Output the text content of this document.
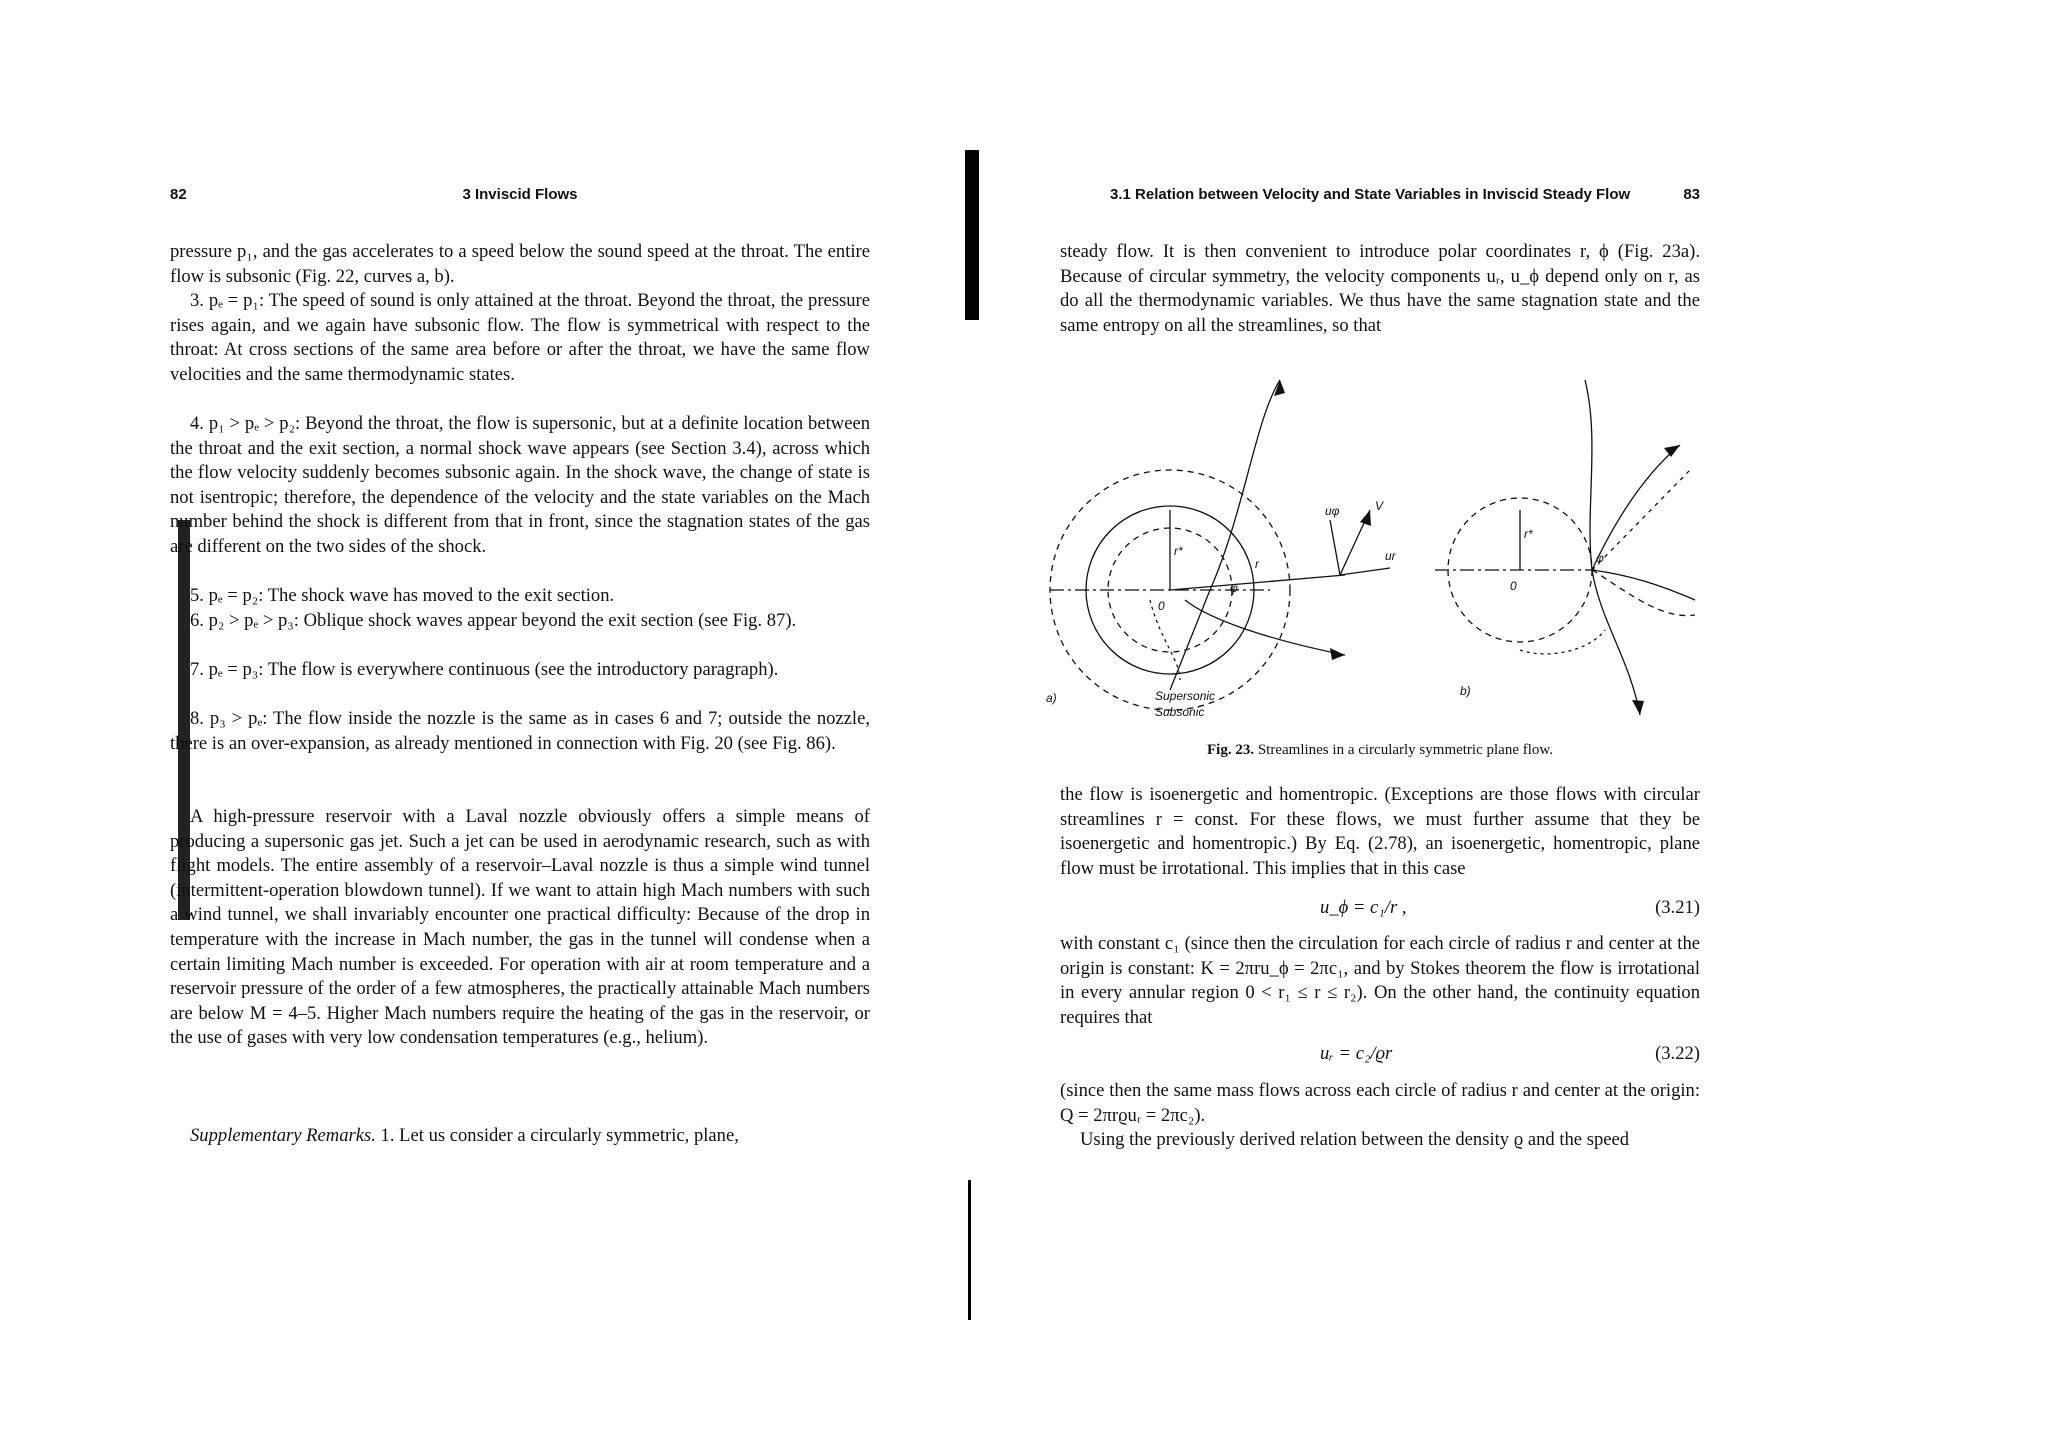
82	3 Inviscid Flows

pressure p₁, and the gas accelerates to a speed below the sound speed at the throat. The entire flow is subsonic (Fig. 22, curves a, b).

3. pₑ = p₁: The speed of sound is only attained at the throat. Beyond the throat, the pressure rises again, and we again have subsonic flow. The flow is symmetrical with respect to the throat: At cross sections of the same area before or after the throat, we have the same flow velocities and the same thermodynamic states.

4. p₁ > pₑ > p₂: Beyond the throat, the flow is supersonic, but at a definite location between the throat and the exit section, a normal shock wave appears (see Section 3.4), across which the flow velocity suddenly becomes subsonic again. In the shock wave, the change of state is not isentropic; therefore, the dependence of the velocity and the state variables on the Mach number behind the shock is different from that in front, since the stagnation states of the gas are different on the two sides of the shock.

5. pₑ = p₂: The shock wave has moved to the exit section.

6. p₂ > pₑ > p₃: Oblique shock waves appear beyond the exit section (see Fig. 87).

7. pₑ = p₃: The flow is everywhere continuous (see the introductory paragraph).

8. p₃ > pₑ: The flow inside the nozzle is the same as in cases 6 and 7; outside the nozzle, there is an over-expansion, as already mentioned in connection with Fig. 20 (see Fig. 86).

A high-pressure reservoir with a Laval nozzle obviously offers a simple means of producing a supersonic gas jet. Such a jet can be used in aerodynamic research, such as with flight models. The entire assembly of a reservoir–Laval nozzle is thus a simple wind tunnel (intermittent-operation blowdown tunnel). If we want to attain high Mach numbers with such a wind tunnel, we shall invariably encounter one practical difficulty: Because of the drop in temperature with the increase in Mach number, the gas in the tunnel will condense when a certain limiting Mach number is exceeded. For operation with air at room temperature and a reservoir pressure of the order of a few atmospheres, the practically attainable Mach numbers are below M = 4–5. Higher Mach numbers require the heating of the gas in the reservoir, or the use of gases with very low condensation temperatures (e.g., helium).

Supplementary Remarks. 1. Let us consider a circularly symmetric, plane,

3.1 Relation between Velocity and State Variables in Inviscid Steady Flow	83

steady flow. It is then convenient to introduce polar coordinates r, ϕ (Fig. 23a). Because of circular symmetry, the velocity components uᵣ, u_ϕ depend only on r, as do all the thermodynamic variables. We thus have the same stagnation state and the same entropy on all the streamlines, so that

the flow is isoenergetic and homentropic. (Exceptions are those flows with circular streamlines r = const. For these flows, we must further assume that they be isoenergetic and homentropic.) By Eq. (2.78), an isoenergetic, homentropic, plane flow must be irrotational. This implies that in this case

u_ϕ = c₁/r ,	(3.21)

with constant c₁ (since then the circulation for each circle of radius r and center at the origin is constant: K = 2πru_ϕ = 2πc₁, and by Stokes theorem the flow is irrotational in every annular region 0 < r₁ ≤ r ≤ r₂). On the other hand, the continuity equation requires that

uᵣ = c₂/ϱr	(3.22)

(since then the same mass flows across each circle of radius r and center at the origin: Q = 2πrϱuᵣ = 2πc₂).

Using the previously derived relation between the density ϱ and the speed

a)	b)
Supersonic
Subsonic
0
0
r
φ
uφ	V
ur
r*
r*
φ
Fig. 23. Streamlines in a circularly symmetric plane flow.
